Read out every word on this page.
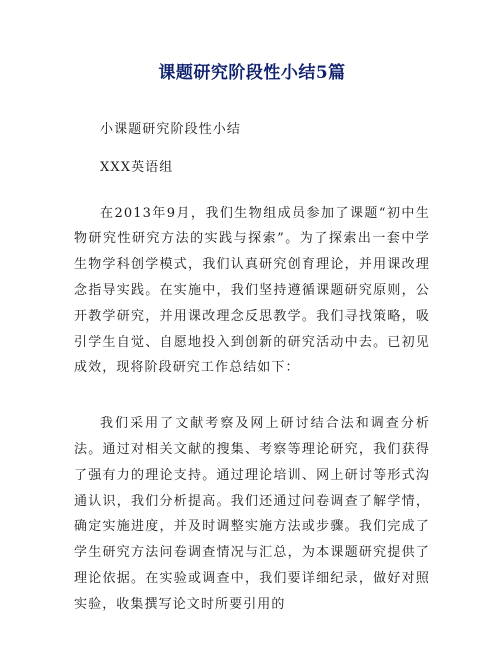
课题研究阶段性小结5篇

小课题研究阶段性小结

XXX英语组

在2013年9月，我们生物组成员参加了课题“初中生物研究性研究方法的实践与探索”。为了探索出一套中学生物学科创学模式，我们认真研究创育理论，并用课改理念指导实践。在实施中，我们坚持遵循课题研究原则，公开教学研究，并用课改理念反思教学。我们寻找策略，吸引学生自觉、自愿地投入到创新的研究活动中去。已初见成效，现将阶段研究工作总结如下：

我们采用了文献考察及网上研讨结合法和调查分析法。通过对相关文献的搜集、考察等理论研究，我们获得了强有力的理论支持。通过理论培训、网上研讨等形式沟通认识，我们分析提高。我们还通过问卷调查了解学情，确定实施进度，并及时调整实施方法或步骤。我们完成了学生研究方法问卷调查情况与汇总，为本课题研究提供了理论依据。在实验或调查中，我们要详细纪录，做好对照实验，收集撰写论文时所要引用的
